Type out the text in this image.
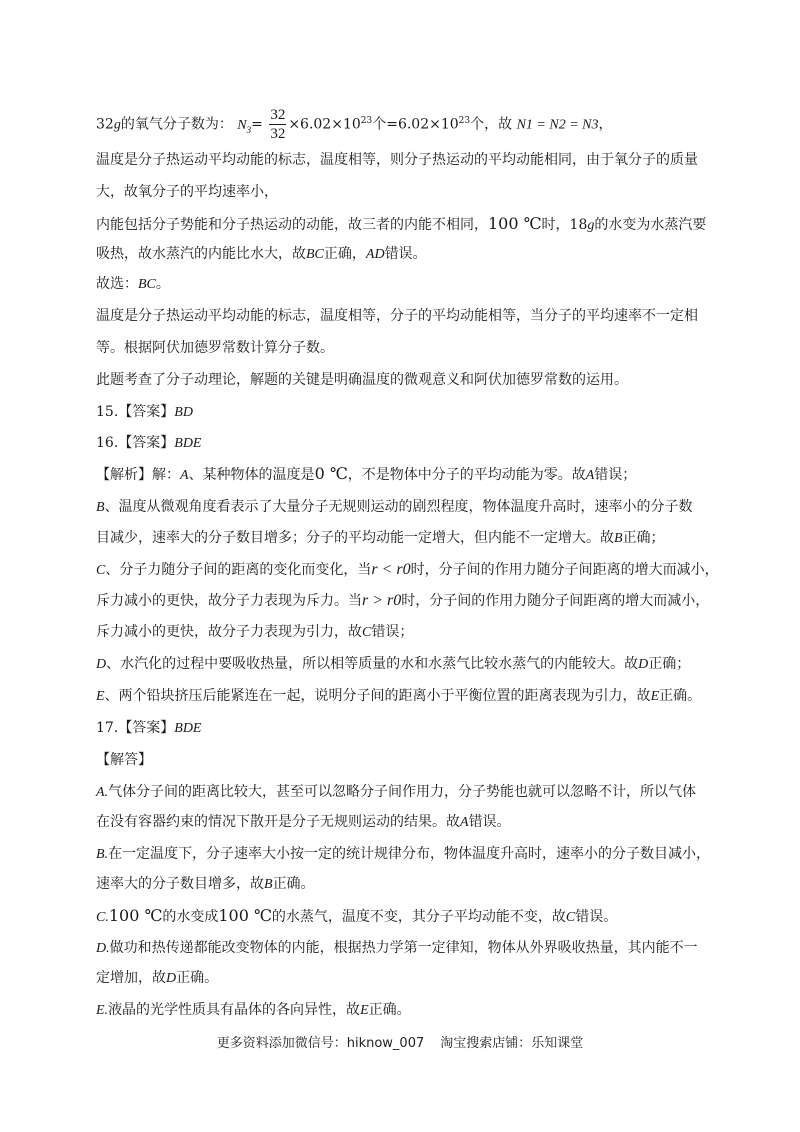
32g的氧气分子数为： $N_3= \frac{32}{32} \times 6.02\times 10^{23}$个$=6.02\times 10^{23}$个，故 N1 = N2 = N3，
温度是分子热运动平均动能的标志，温度相等，则分子热运动的平均动能相同，由于氧分子的质量
大，故氧分子的平均速率小，
内能包括分子势能和分子热运动的动能，故三者的内能不相同，100 ℃时，18g的水变为水蒸汽要
吸热，故水蒸汽的内能比水大，故BC正确，AD错误。
故选：BC。
温度是分子热运动平均动能的标志，温度相等，分子的平均动能相等，当分子的平均速率不一定相
等。根据阿伏加德罗常数计算分子数。
此题考查了分子动理论，解题的关键是明确温度的微观意义和阿伏加德罗常数的运用。
15.【答案】BD
16.【答案】BDE
【解析】解：A、某种物体的温度是0 ℃，不是物体中分子的平均动能为零。故A错误；
B、温度从微观角度看表示了大量分子无规则运动的剧烈程度，物体温度升高时，速率小的分子数
目减少，速率大的分子数目增多；分子的平均动能一定增大，但内能不一定增大。故B正确；
C、分子力随分子间的距离的变化而变化，当r < r0时，分子间的作用力随分子间距离的增大而减小，
斥力减小的更快，故分子力表现为斥力。当r > r0时，分子间的作用力随分子间距离的增大而减小，
斥力减小的更快，故分子力表现为引力，故C错误；
D、水汽化的过程中要吸收热量，所以相等质量的水和水蒸气比较水蒸气的内能较大。故D正确；
E、两个铅块挤压后能紧连在一起，说明分子间的距离小于平衡位置的距离表现为引力，故E正确。
17.【答案】BDE
【解答】
A.气体分子间的距离比较大，甚至可以忽略分子间作用力，分子势能也就可以忽略不计，所以气体
在没有容器约束的情况下散开是分子无规则运动的结果。故A错误。
B.在一定温度下，分子速率大小按一定的统计规律分布，物体温度升高时，速率小的分子数目减小，
速率大的分子数目增多，故B正确。
C.100 ℃的水变成100 ℃的水蒸气，温度不变，其分子平均动能不变，故C错误。
D.做功和热传递都能改变物体的内能，根据热力学第一定律知，物体从外界吸收热量，其内能不一
定增加，故D正确。
E.液晶的光学性质具有晶体的各向异性，故E正确。
更多资料添加微信号：hiknow_007 淘宝搜索店铺：乐知课堂
